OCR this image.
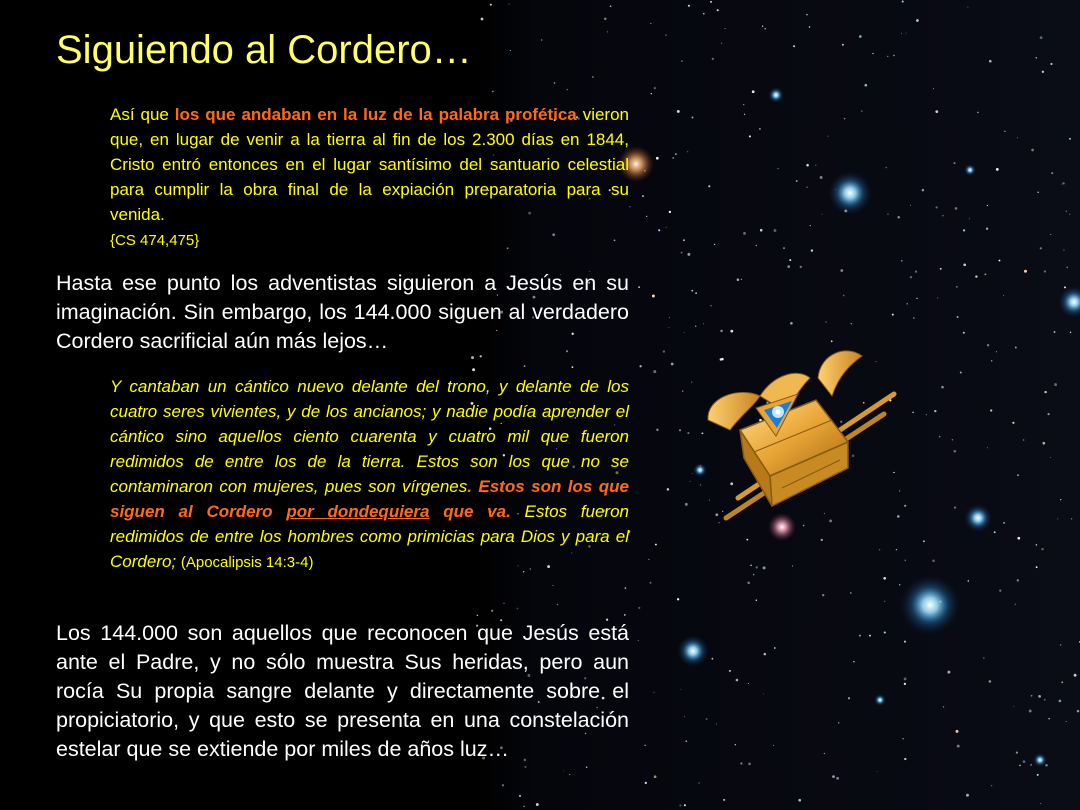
Siguiendo al Cordero…

Así que los que andaban en la luz de la palabra profética vieron que, en lugar de venir a la tierra al fin de los 2.300 días en 1844, Cristo entró entonces en el lugar santísimo del santuario celestial para cumplir la obra final de la expiación preparatoria para su venida.
{CS 474,475}

Hasta ese punto los adventistas siguieron a Jesús en su imaginación. Sin embargo, los 144.000 siguen al verdadero Cordero sacrificial aún más lejos…

Y cantaban un cántico nuevo delante del trono, y delante de los cuatro seres vivientes, y de los ancianos; y nadie podía aprender el cántico sino aquellos ciento cuarenta y cuatro mil que fueron redimidos de entre los de la tierra. Estos son los que no se contaminaron con mujeres, pues son vírgenes. Estos son los que siguen al Cordero por dondequiera que va. Estos fueron redimidos de entre los hombres como primicias para Dios y para el Cordero; (Apocalipsis 14:3-4)

Los 144.000 son aquellos que reconocen que Jesús está ante el Padre, y no sólo muestra Sus heridas, pero aun rocía Su propia sangre delante y directamente sobre el propiciatorio, y que esto se presenta en una constelación estelar que se extiende por miles de años luz…
